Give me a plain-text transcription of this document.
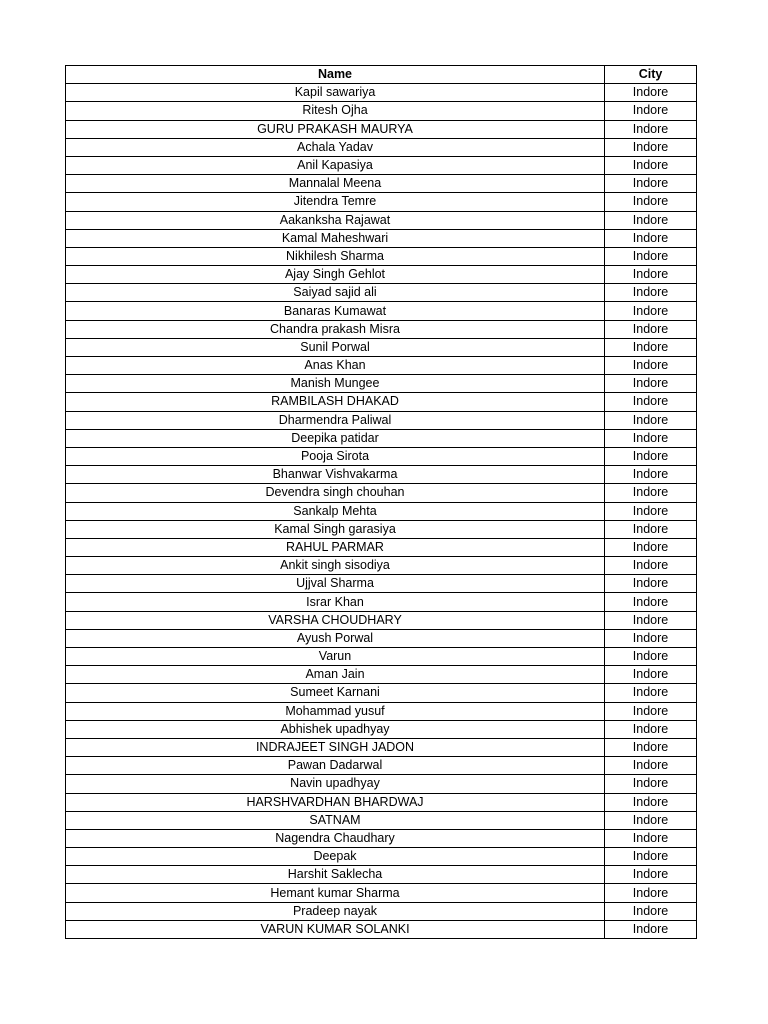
Name	City
Kapil sawariya	Indore
Ritesh Ojha	Indore
GURU PRAKASH MAURYA	Indore
Achala Yadav	Indore
Anil Kapasiya	Indore
Mannalal Meena	Indore
Jitendra Temre	Indore
Aakanksha Rajawat	Indore
Kamal Maheshwari	Indore
Nikhilesh Sharma	Indore
Ajay Singh Gehlot	Indore
Saiyad sajid ali	Indore
Banaras Kumawat	Indore
Chandra prakash Misra	Indore
Sunil Porwal	Indore
Anas Khan	Indore
Manish Mungee	Indore
RAMBILASH DHAKAD	Indore
Dharmendra Paliwal	Indore
Deepika patidar	Indore
Pooja Sirota	Indore
Bhanwar Vishvakarma	Indore
Devendra singh chouhan	Indore
Sankalp Mehta	Indore
Kamal Singh garasiya	Indore
RAHUL PARMAR	Indore
Ankit singh sisodiya	Indore
Ujjval Sharma	Indore
Israr Khan	Indore
VARSHA CHOUDHARY	Indore
Ayush Porwal	Indore
Varun	Indore
Aman Jain	Indore
Sumeet Karnani	Indore
Mohammad yusuf	Indore
Abhishek upadhyay	Indore
INDRAJEET SINGH JADON	Indore
Pawan Dadarwal	Indore
Navin upadhyay	Indore
HARSHVARDHAN BHARDWAJ	Indore
SATNAM	Indore
Nagendra Chaudhary	Indore
Deepak	Indore
Harshit Saklecha	Indore
Hemant kumar Sharma	Indore
Pradeep nayak	Indore
VARUN KUMAR SOLANKI	Indore
